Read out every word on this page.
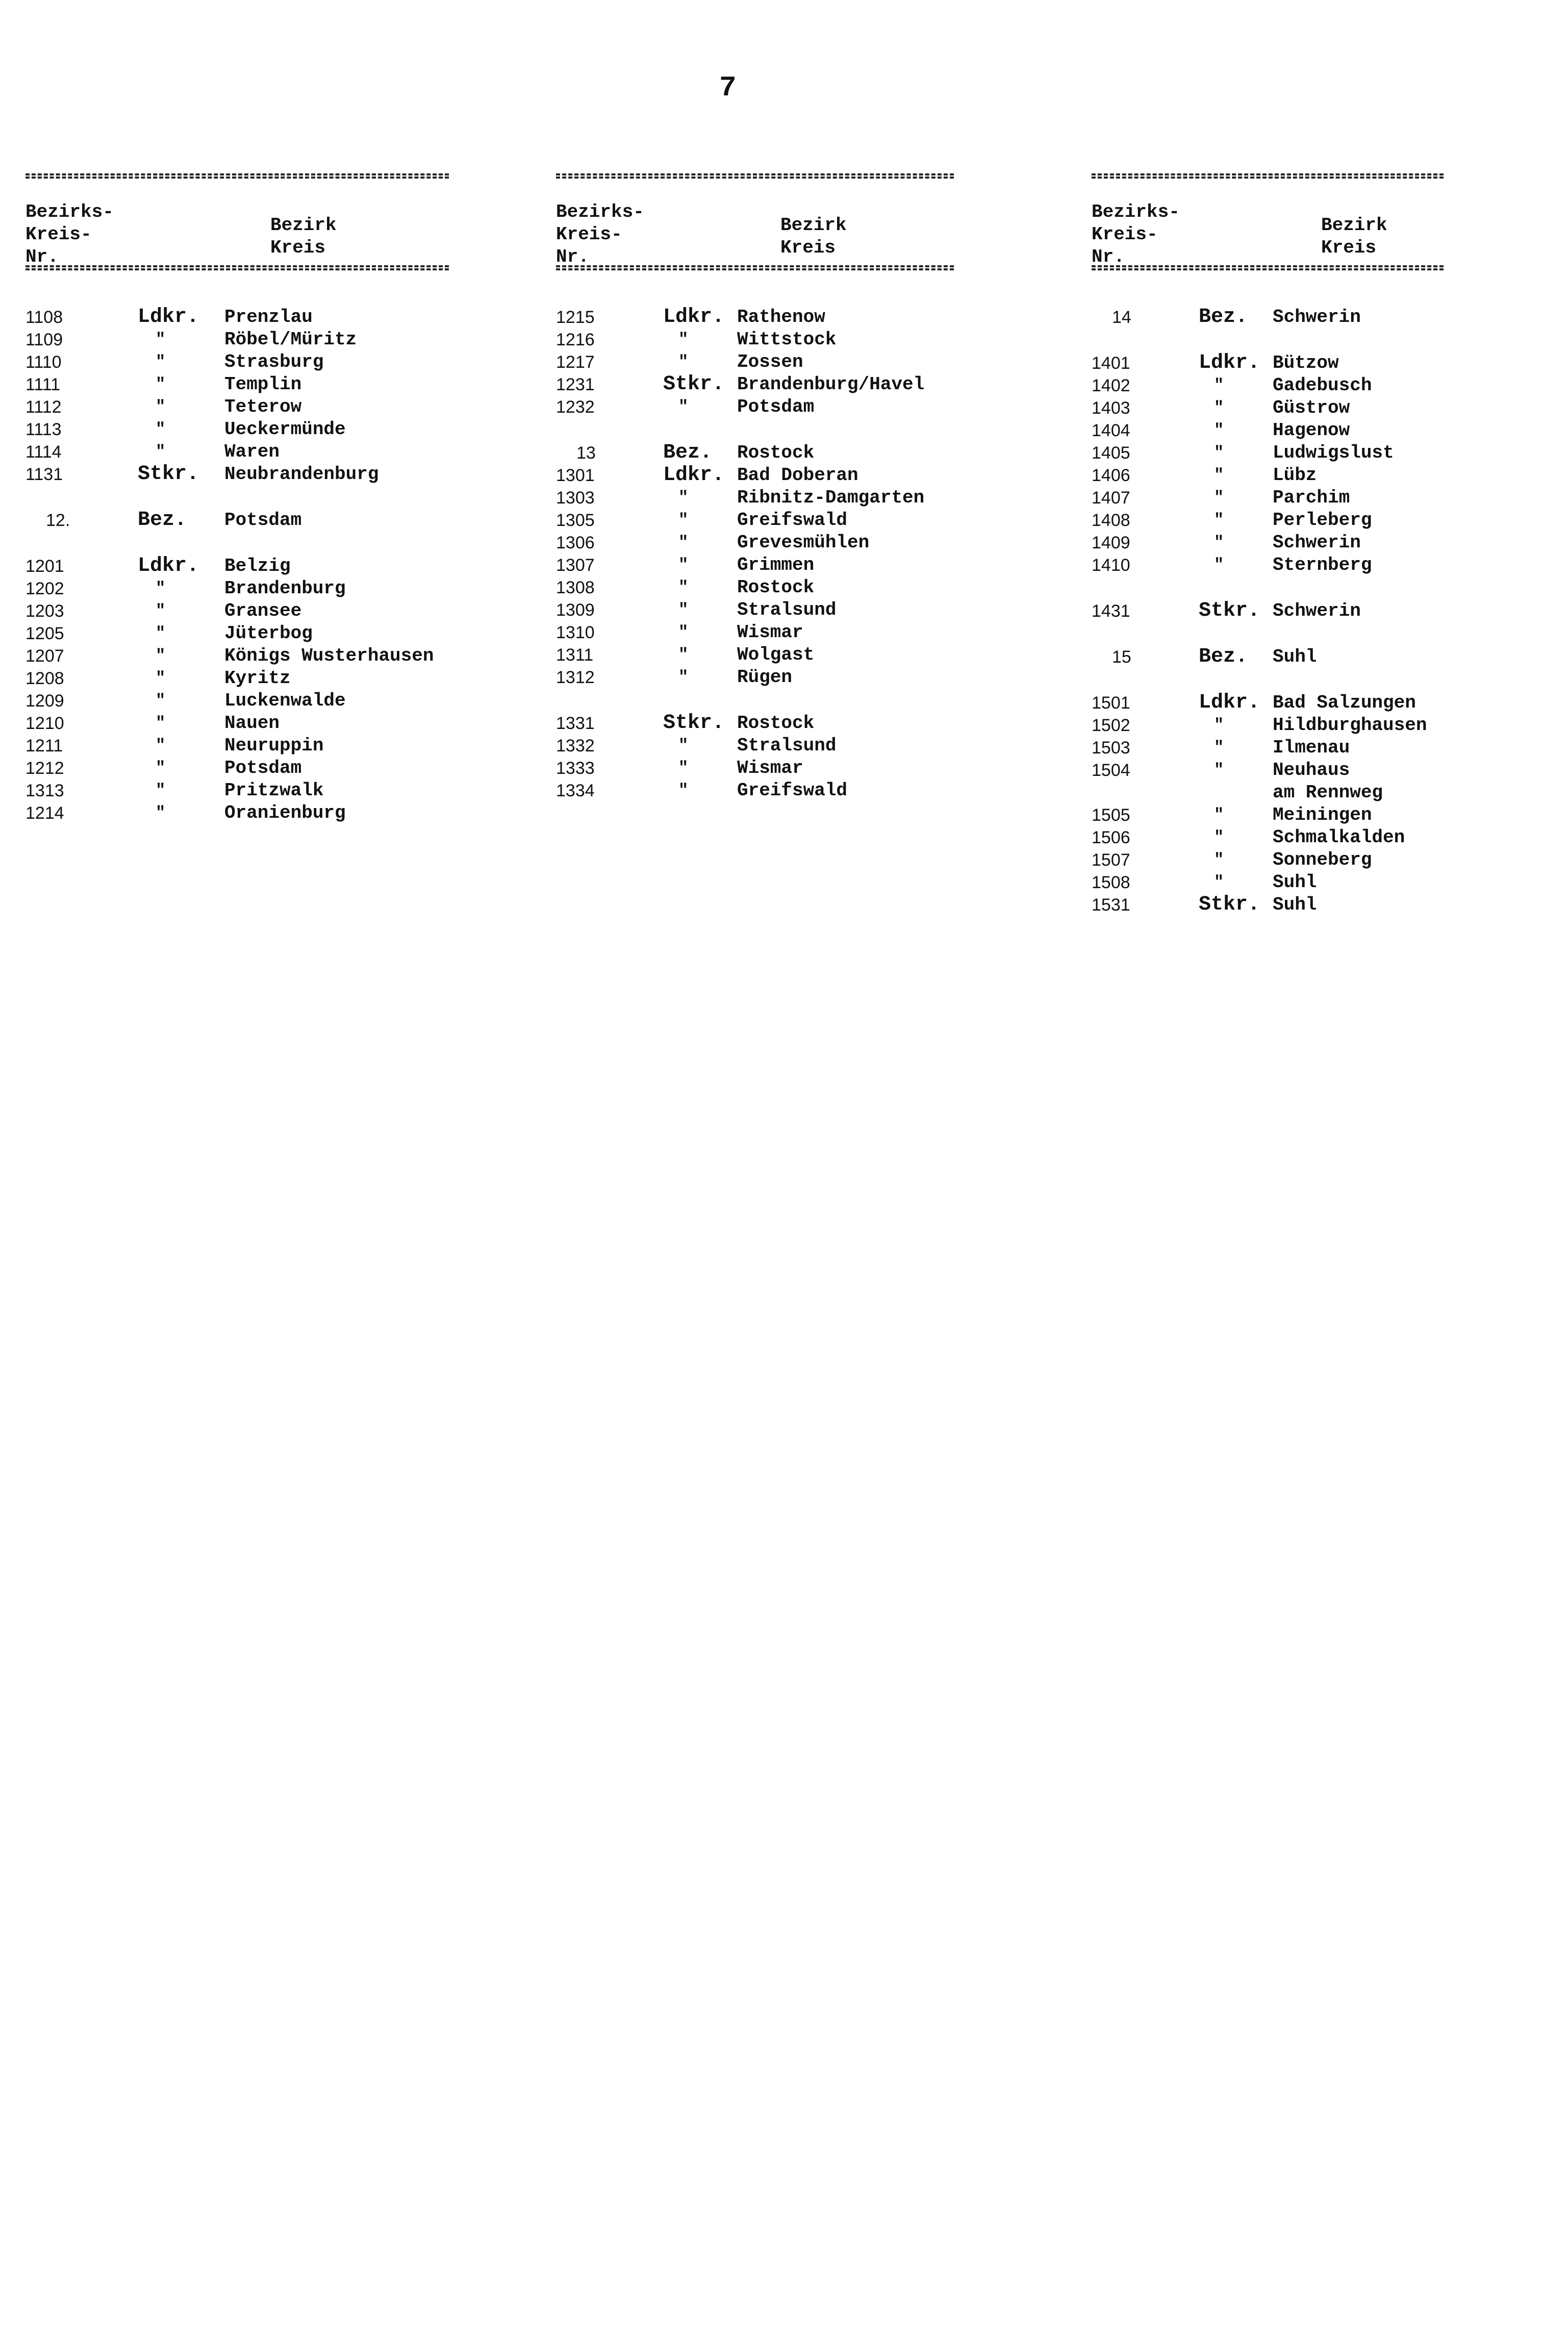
7
Bezirks-
Kreis-
Nr.
Bezirk
Kreis
1108	Ldkr. Prenzlau
1109	"	Röbel/Müritz
1110	"	Strasburg
1111	"	Templin
1112	"	Teterow
1113	"	Ueckermünde
1114	"	Waren
1131	Stkr. Neubrandenburg
12.	Bez. Potsdam
1201	Ldkr. Belzig
1202	"	Brandenburg
1203	"	Gransee
1205	"	Jüterbog
1207	"	Königs Wusterhausen
1208	"	Kyritz
1209	"	Luckenwalde
1210	"	Nauen
1211	"	Neuruppin
1212	"	Potsdam
1313	"	Pritzwalk
1214	"	Oranienburg
Bezirks-
Kreis-
Nr.
Bezirk
Kreis
1215	Ldkr. Rathenow
1216	"	Wittstock
1217	"	Zossen
1231	Stkr. Brandenburg/Havel
1232	"	Potsdam
13	Bez. Rostock
1301	Ldkr. Bad Doberan
1303	"	Ribnitz-Damgarten
1305	"	Greifswald
1306	"	Grevesmühlen
1307	"	Grimmen
1308	"	Rostock
1309	"	Stralsund
1310	"	Wismar
1311	"	Wolgast
1312	"	Rügen
1331	Stkr. Rostock
1332	"	Stralsund
1333	"	Wismar
1334	"	Greifswald
Bezirks-
Kreis-
Nr.
Bezirk
Kreis
14	Bez. Schwerin
1401	Ldkr. Bützow
1402	"	Gadebusch
1403	"	Güstrow
1404	"	Hagenow
1405	"	Ludwigslust
1406	"	Lübz
1407	"	Parchim
1408	"	Perleberg
1409	"	Schwerin
1410	"	Sternberg
1431	Stkr. Schwerin
15	Bez. Suhl
1501	Ldkr. Bad Salzungen
1502	"	Hildburghausen
1503	"	Ilmenau
1504	"	Neuhaus
am Rennweg
1505	"	Meiningen
1506	"	Schmalkalden
1507	"	Sonneberg
1508	"	Suhl
1531	Stkr. Suhl
